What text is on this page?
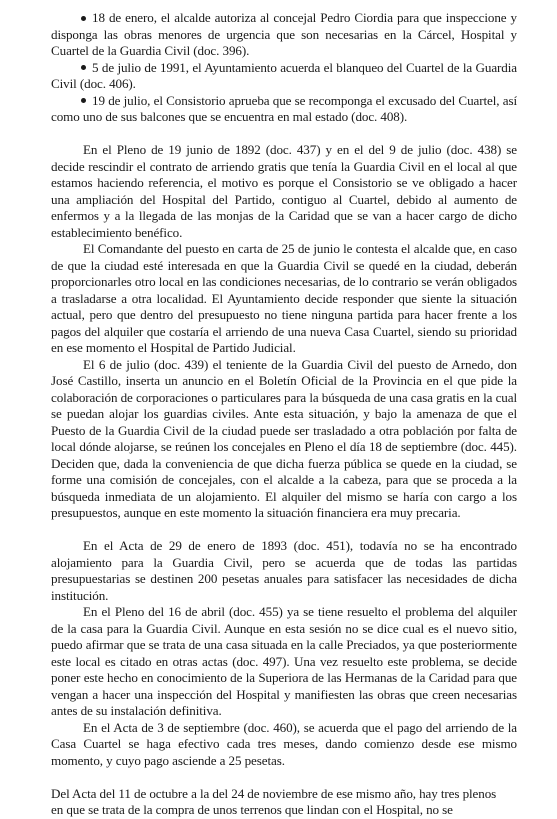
18 de enero, el alcalde autoriza al concejal Pedro Ciordia para que inspeccione y disponga las obras menores de urgencia que son necesarias en la Cárcel, Hospital y Cuartel de la Guardia Civil (doc. 396).

5 de julio de 1991, el Ayuntamiento acuerda el blanqueo del Cuartel de la Guardia Civil (doc. 406).

19 de julio, el Consistorio aprueba que se recomponga el excusado del Cuartel, así como uno de sus balcones que se encuentra en mal estado (doc. 408).

En el Pleno de 19 junio de 1892 (doc. 437) y en el del 9 de julio (doc. 438) se decide rescindir el contrato de arriendo gratis que tenía la Guardia Civil en el local al que estamos haciendo referencia, el motivo es porque el Consistorio se ve obligado a hacer una ampliación del Hospital del Partido, contiguo al Cuartel, debido al aumento de enfermos y a la llegada de las monjas de la Caridad que se van a hacer cargo de dicho establecimiento benéfico.

El Comandante del puesto en carta de 25 de junio le contesta el alcalde que, en caso de que la ciudad esté interesada en que la Guardia Civil se quedé en la ciudad, deberán proporcionarles otro local en las condiciones necesarias, de lo contrario se verán obligados a trasladarse a otra localidad. El Ayuntamiento decide responder que siente la situación actual, pero que dentro del presupuesto no tiene ninguna partida para hacer frente a los pagos del alquiler que costaría el arriendo de una nueva Casa Cuartel, siendo su prioridad en ese momento el Hospital de Partido Judicial.

El 6 de julio (doc. 439) el teniente de la Guardia Civil del puesto de Arnedo, don José Castillo, inserta un anuncio en el Boletín Oficial de la Provincia en el que pide la colaboración de corporaciones o particulares para la búsqueda de una casa gratis en la cual se puedan alojar los guardias civiles. Ante esta situación, y bajo la amenaza de que el Puesto de la Guardia Civil de la ciudad puede ser trasladado a otra población por falta de local dónde alojarse, se reúnen los concejales en Pleno el día 18 de septiembre (doc. 445). Deciden que, dada la conveniencia de que dicha fuerza pública se quede en la ciudad, se forme una comisión de concejales, con el alcalde a la cabeza, para que se proceda a la búsqueda inmediata de un alojamiento. El alquiler del mismo se haría con cargo a los presupuestos, aunque en este momento la situación financiera era muy precaria.

En el Acta de 29 de enero de 1893 (doc. 451), todavía no se ha encontrado alojamiento para la Guardia Civil, pero se acuerda que de todas las partidas presupuestarias se destinen 200 pesetas anuales para satisfacer las necesidades de dicha institución.

En el Pleno del 16 de abril (doc. 455) ya se tiene resuelto el problema del alquiler de la casa para la Guardia Civil. Aunque en esta sesión no se dice cual es el nuevo sitio, puedo afirmar que se trata de una casa situada en la calle Preciados, ya que posteriormente este local es citado en otras actas (doc. 497). Una vez resuelto este problema, se decide poner este hecho en conocimiento de la Superiora de las Hermanas de la Caridad para que vengan a hacer una inspección del Hospital y manifiesten las obras que creen necesarias antes de su instalación definitiva.

En el Acta de 3 de septiembre (doc. 460), se acuerda que el pago del arriendo de la Casa Cuartel se haga efectivo cada tres meses, dando comienzo desde ese mismo momento, y cuyo pago asciende a 25 pesetas.

Del Acta del 11 de octubre a la del 24 de noviembre de ese mismo año, hay tres plenos

en que se trata de la compra de unos terrenos que lindan con el Hospital, no se
